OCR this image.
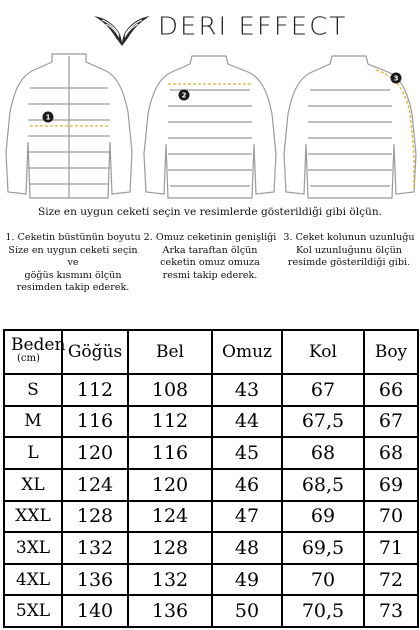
DERI EFFECT
1
2
3
Size en uygun ceketi seçin ve resimlerde gösterildiği gibi ölçün.
1. Ceketin büstünün boyutu
Size en uygun ceketi seçin ve
göğüs kısmını ölçün
resimden takip ederek.
2. Omuz ceketinin genişliği
Arka taraftan ölçün
ceketin omuz omuza
resmi takip ederek.
3. Ceket kolunun uzunluğu
Kol uzunluğunu ölçün
resimde gösterildiği gibi.
Beden
(cm)	Göğüs	Bel	Omuz	Kol	Boy
S	112	108	43	67	66
M	116	112	44	67,5	67
L	120	116	45	68	68
XL	124	120	46	68,5	69
XXL	128	124	47	69	70
3XL	132	128	48	69,5	71
4XL	136	132	49	70	72
5XL	140	136	50	70,5	73
